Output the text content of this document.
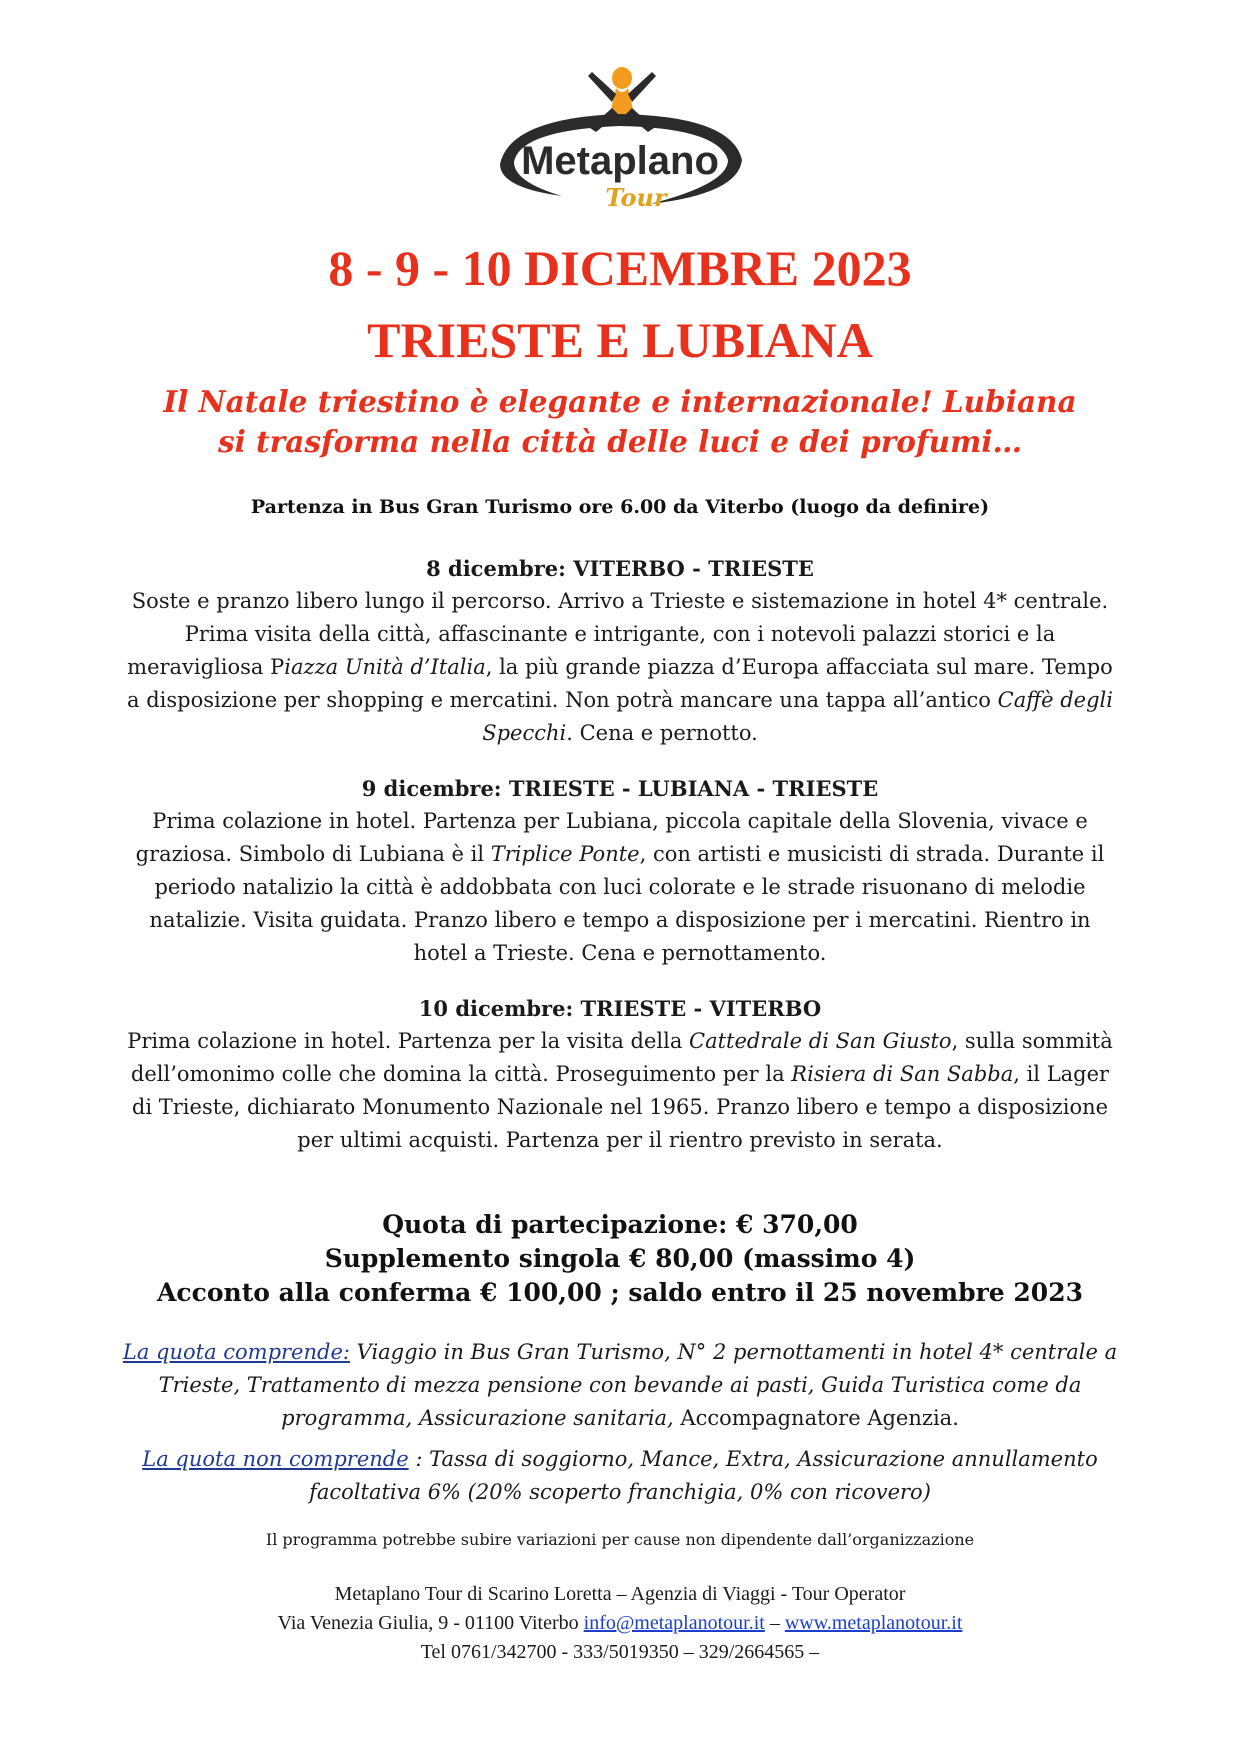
Metaplano
Tour
8 - 9 - 10 DICEMBRE 2023
TRIESTE E LUBIANA

Il Natale triestino è elegante e internazionale! Lubiana
si trasforma nella città delle luci e dei profumi…

Partenza in Bus Gran Turismo ore 6.00 da Viterbo (luogo da definire)

8 dicembre: VITERBO - TRIESTE

Soste e pranzo libero lungo il percorso. Arrivo a Trieste e sistemazione in hotel 4* centrale. Prima visita della città, affascinante e intrigante, con i notevoli palazzi storici e la meravigliosa Piazza Unità d’Italia, la più grande piazza d’Europa affacciata sul mare. Tempo a disposizione per shopping e mercatini. Non potrà mancare una tappa all’antico Caffè degli Specchi. Cena e pernotto.

9 dicembre: TRIESTE - LUBIANA - TRIESTE

Prima colazione in hotel. Partenza per Lubiana, piccola capitale della Slovenia, vivace e graziosa. Simbolo di Lubiana è il Triplice Ponte, con artisti e musicisti di strada. Durante il periodo natalizio la città è addobbata con luci colorate e le strade risuonano di melodie natalizie. Visita guidata. Pranzo libero e tempo a disposizione per i mercatini. Rientro in hotel a Trieste. Cena e pernottamento.

10 dicembre: TRIESTE - VITERBO

Prima colazione in hotel. Partenza per la visita della Cattedrale di San Giusto, sulla sommità dell’omonimo colle che domina la città. Proseguimento per la Risiera di San Sabba, il Lager di Trieste, dichiarato Monumento Nazionale nel 1965. Pranzo libero e tempo a disposizione per ultimi acquisti. Partenza per il rientro previsto in serata.

Quota di partecipazione: € 370,00

Supplemento singola € 80,00 (massimo 4)

Acconto alla conferma € 100,00 ; saldo entro il 25 novembre 2023

La quota comprende: Viaggio in Bus Gran Turismo, N° 2 pernottamenti in hotel 4* centrale a Trieste, Trattamento di mezza pensione con bevande ai pasti, Guida Turistica come da programma, Assicurazione sanitaria, Accompagnatore Agenzia.

La quota non comprende : Tassa di soggiorno, Mance, Extra, Assicurazione annullamento facoltativa 6% (20% scoperto franchigia, 0% con ricovero)

Il programma potrebbe subire variazioni per cause non dipendente dall’organizzazione

Metaplano Tour di Scarino Loretta – Agenzia di Viaggi - Tour Operator

Via Venezia Giulia, 9 - 01100 Viterbo info@metaplanotour.it – www.metaplanotour.it

Tel 0761/342700 - 333/5019350 – 329/2664565 –
